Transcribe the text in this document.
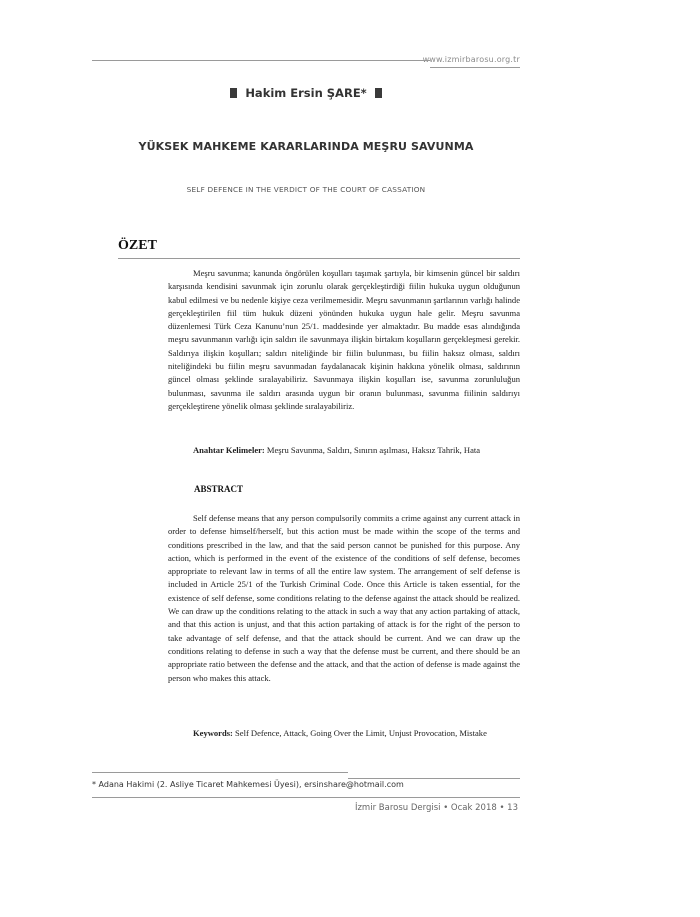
www.izmirbarosu.org.tr
Hakim Ersin ŞARE*
YÜKSEK MAHKEME KARARLARINDA MEŞRU SAVUNMA
SELF DEFENCE IN THE VERDICT OF THE COURT OF CASSATION
ÖZET
Meşru savunma; kanunda öngörülen koşulları taşımak şartıyla, bir kimsenin güncel bir saldırı karşısında kendisini savunmak için zorunlu olarak gerçekleştirdiği fiilin hukuka uygun olduğunun kabul edilmesi ve bu nedenle kişiye ceza verilmemesidir. Meşru savunmanın şartlarının varlığı halinde gerçekleştirilen fiil tüm hukuk düzeni yönünden hukuka uygun hale gelir. Meşru savunma düzenlemesi Türk Ceza Kanunu’nun 25/1. maddesinde yer almaktadır. Bu madde esas alındığında meşru savunmanın varlığı için saldırı ile savunmaya ilişkin birtakım koşulların gerçekleşmesi gerekir. Saldırıya ilişkin koşulları; saldırı niteliğinde bir fiilin bulunması, bu fiilin haksız olması, saldırı niteliğindeki bu fiilin meşru savunmadan faydalanacak kişinin hakkına yönelik olması, saldırının güncel olması şeklinde sıralayabiliriz. Savunmaya ilişkin koşulları ise, savunma zorunluluğun bulunması, savunma ile saldırı arasında uygun bir oranın bulunması, savunma fiilinin saldırıyı gerçekleştirene yönelik olması şeklinde sıralayabiliriz.
Anahtar Kelimeler: Meşru Savunma, Saldırı, Sınırın aşılması, Haksız Tahrik, Hata
ABSTRACT
Self defense means that any person compulsorily commits a crime against any current attack in order to defense himself/herself, but this action must be made within the scope of the terms and conditions prescribed in the law, and that the said person cannot be punished for this purpose. Any action, which is performed in the event of the existence of the conditions of self defense, becomes appropriate to relevant law in terms of all the entire law system. The arrangement of self defense is included in Article 25/1 of the Turkish Criminal Code. Once this Article is taken essential, for the existence of self defense, some conditions relating to the defense against the attack should be realized. We can draw up the conditions relating to the attack in such a way that any action partaking of attack, and that this action is unjust, and that this action partaking of attack is for the right of the person to take advantage of self defense, and that the attack should be current. And we can draw up the conditions relating to defense in such a way that the defense must be current, and there should be an appropriate ratio between the defense and the attack, and that the action of defense is made against the person who makes this attack.
Keywords: Self Defence, Attack, Going Over the Limit, Unjust Provocation, Mistake
* Adana Hakimi (2. Asliye Ticaret Mahkemesi Üyesi), ersinshare@hotmail.com
İzmir Barosu Dergisi • Ocak 2018 • 13
